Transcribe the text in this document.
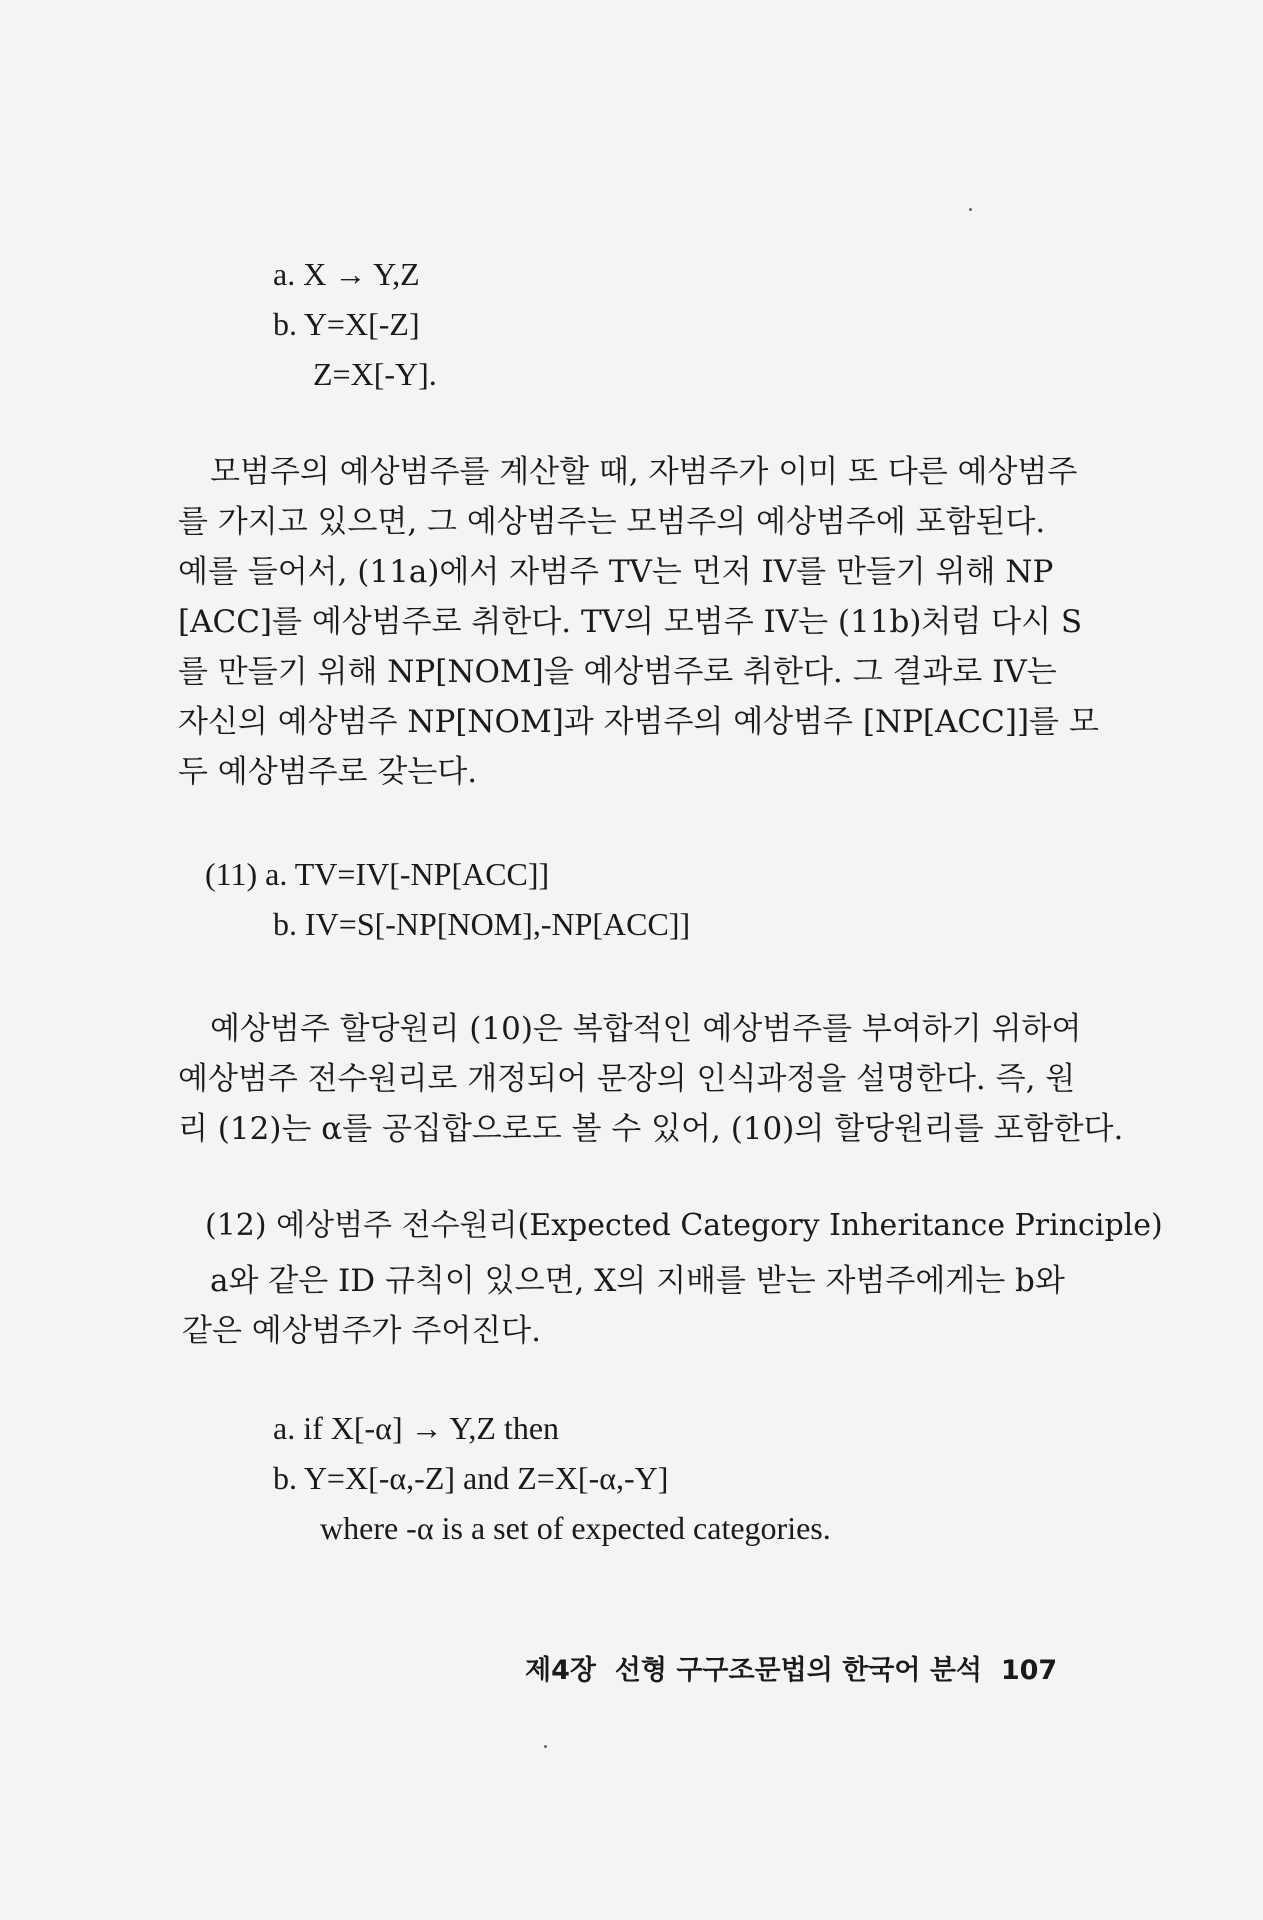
a. X → Y,Z
b. Y=X[-Z]
Z=X[-Y].
모범주의 예상범주를 계산할 때, 자범주가 이미 또 다른 예상범주
를 가지고 있으면, 그 예상범주는 모범주의 예상범주에 포함된다.
예를 들어서, (11a)에서 자범주 TV는 먼저 IV를 만들기 위해 NP
[ACC]를 예상범주로 취한다. TV의 모범주 IV는 (11b)처럼 다시 S
를 만들기 위해 NP[NOM]을 예상범주로 취한다. 그 결과로 IV는
자신의 예상범주 NP[NOM]과 자범주의 예상범주 [NP[ACC]]를 모
두 예상범주로 갖는다.
(11) a. TV=IV[-NP[ACC]]
b. IV=S[-NP[NOM],-NP[ACC]]
예상범주 할당원리 (10)은 복합적인 예상범주를 부여하기 위하여
예상범주 전수원리로 개정되어 문장의 인식과정을 설명한다. 즉, 원
리 (12)는 α를 공집합으로도 볼 수 있어, (10)의 할당원리를 포함한다.
(12) 예상범주 전수원리(Expected Category Inheritance Principle)
a와 같은 ID 규칙이 있으면, X의 지배를 받는 자범주에게는 b와
같은 예상범주가 주어진다.
a. if X[-α] → Y,Z then
b. Y=X[-α,-Z] and Z=X[-α,-Y]
where -α is a set of expected categories.
제4장  선형 구구조문법의 한국어 분석  107
